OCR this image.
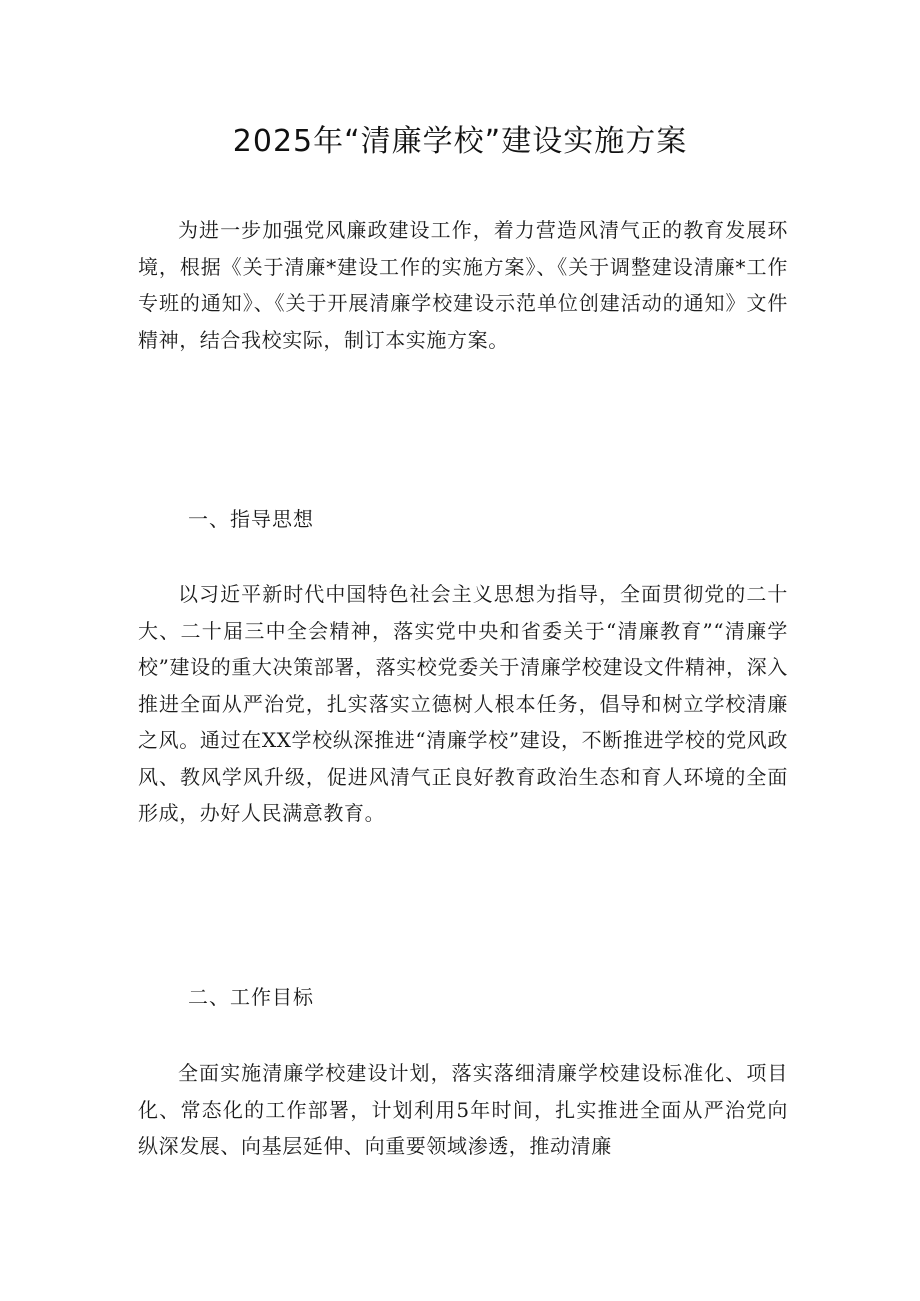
2025年“清廉学校”建设实施方案

为进一步加强党风廉政建设工作，着力营造风清气正的教育发展环境，根据《关于清廉*建设工作的实施方案》、《关于调整建设清廉*工作专班的通知》、《关于开展清廉学校建设示范单位创建活动的通知》文件精神，结合我校实际，制订本实施方案。

一、指导思想

以习近平新时代中国特色社会主义思想为指导，全面贯彻党的二十大、二十届三中全会精神，落实党中央和省委关于“清廉教育”“清廉学校”建设的重大决策部署，落实校党委关于清廉学校建设文件精神，深入推进全面从严治党，扎实落实立德树人根本任务，倡导和树立学校清廉之风。通过在XX学校纵深推进“清廉学校”建设，不断推进学校的党风政风、教风学风升级，促进风清气正良好教育政治生态和育人环境的全面形成，办好人民满意教育。

二、工作目标

全面实施清廉学校建设计划，落实落细清廉学校建设标准化、项目化、常态化的工作部署，计划利用5年时间，扎实推进全面从严治党向纵深发展、向基层延伸、向重要领域渗透，推动清廉
